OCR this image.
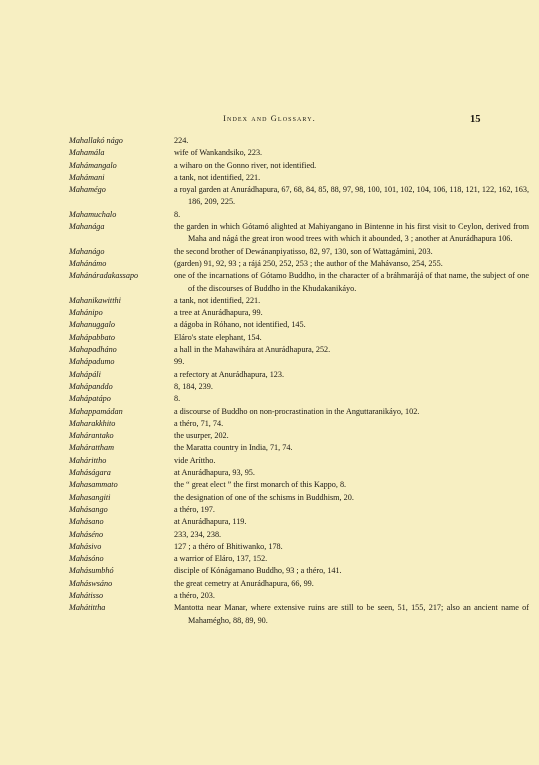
Index and Glossary.	15
Mahallakó nágo	224.
Mahamála	wife of Wankandsiko, 223.
Mahámangalo	a wiharo on the Gonno river, not identified.
Mahámani	a tank, not identified, 221.
Mahamégo	a royal garden at Anurádhapura, 67, 68, 84, 85, 88, 97, 98, 100, 101, 102, 104, 106, 118, 121, 122, 162, 163, 186, 209, 225.
Mahamuchalo	8.
Mahanága	the garden in which Gótamó alighted at Mahiyangano in Bintenne in his first visit to Ceylon, derived from Maha and nágá the great iron wood trees with which it abounded, 3 ; another at Anurádhapura 106.
Mahanágo	the second brother of Dewánanpiyatisso, 82, 97, 130, son of Wattagámini, 203.
Mahánámo	(garden) 91, 92, 93 ; a rájá 250, 252, 253 ; the author of the Mahávanso, 254, 255.
Mahánáradakassapo	one of the incarnations of Gótamo Buddho, in the character of a bráhmarájá of that name, the subject of one of the discourses of Buddho in the Khudakanikáyo.
Mahanikawitthi	a tank, not identified, 221.
Mahánipo	a tree at Anurádhapura, 99.
Mahanuggalo	a dágoba in Róhano, not identified, 145.
Mahápabbato	Eláro's state elephant, 154.
Mahapadháno	a hall in the Mahawihára at Anurádhapura, 252.
Mahápadumo	99.
Mahápáli	a refectory at Anurádhapura, 123.
Mahápanddo	8, 184, 239.
Mahápatápo	8.
Mahappamádan	a discourse of Buddho on non-procrastination in the Anguttaranikáyo, 102.
Maharakkhito	a théro, 71, 74.
Mahárantako	the usurper, 202.
Mahárattham	the Maratta country in India, 71, 74.
Mahárittho	vide Aríttho.
Maháságara	at Anurádhapura, 93, 95.
Mahasammato	the “ great elect ” the first monarch of this Kappo, 8.
Mahasangiti	the designation of one of the schisms in Buddhism, 20.
Mahásango	a théro, 197.
Mahásano	at Anurádhapura, 119.
Maháséno	233, 234, 238.
Mahásivo	127 ; a théro of Bhitiwanko, 178.
Mahásóno	a warrior of Eláro, 137, 152.
Mahásumbhó	disciple of Kónágamano Buddho, 93 ; a théro, 141.
Maháswsáno	the great cemetry at Anurádhapura, 66, 99.
Mahátisso	a théro, 203.
Mahátittha	Mantotta near Manar, where extensive ruins are still to be seen, 51, 155, 217; also an ancient name of Mahamégho, 88, 89, 90.
